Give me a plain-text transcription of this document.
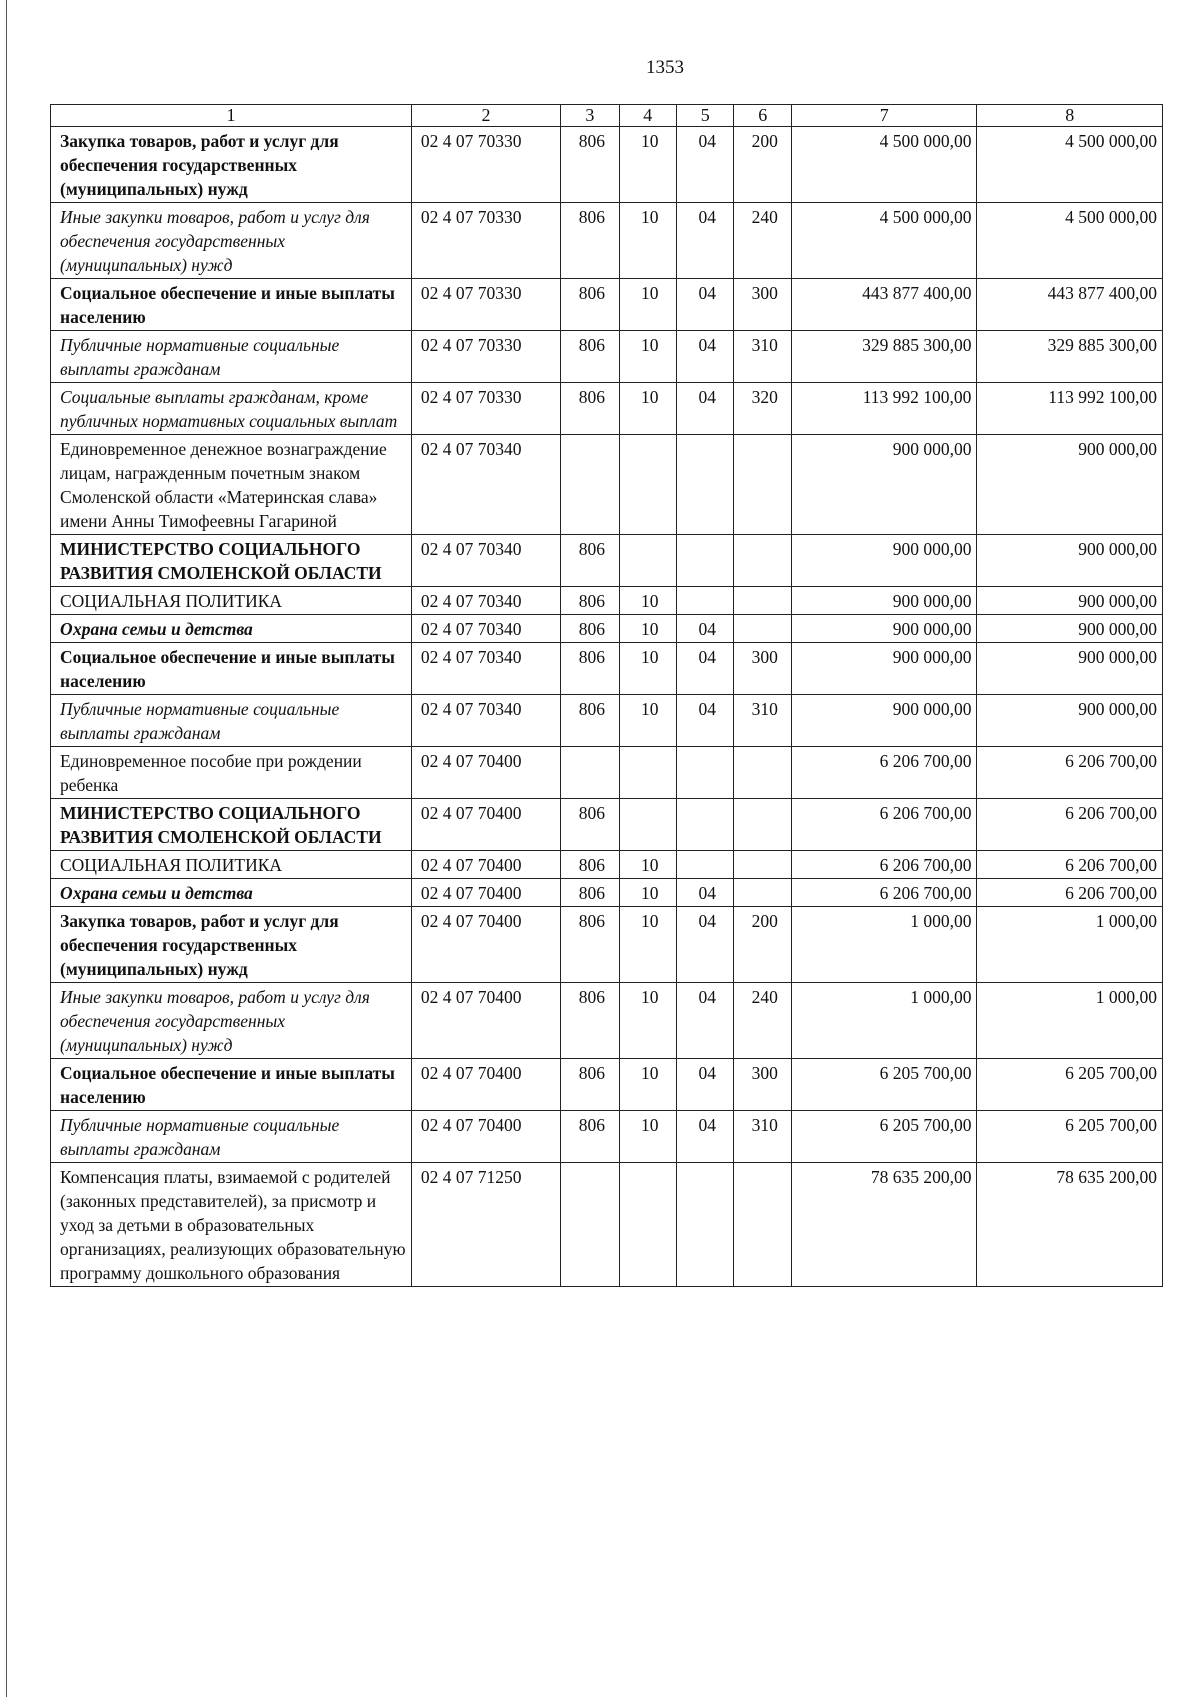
1353
1	2	3	4	5	6	7	8
Закупка товаров, работ и услуг для обеспечения государственных (муниципальных) нужд	02 4 07 70330	806	10	04	200	4 500 000,00	4 500 000,00
Иные закупки товаров, работ и услуг для обеспечения государственных (муниципальных) нужд	02 4 07 70330	806	10	04	240	4 500 000,00	4 500 000,00
Социальное обеспечение и иные выплаты населению	02 4 07 70330	806	10	04	300	443 877 400,00	443 877 400,00
Публичные нормативные социальные выплаты гражданам	02 4 07 70330	806	10	04	310	329 885 300,00	329 885 300,00
Социальные выплаты гражданам, кроме публичных нормативных социальных выплат	02 4 07 70330	806	10	04	320	113 992 100,00	113 992 100,00
Единовременное денежное вознаграждение лицам, награжденным почетным знаком Смоленской области «Материнская слава» имени Анны Тимофеевны Гагариной	02 4 07 70340					900 000,00	900 000,00
МИНИСТЕРСТВО СОЦИАЛЬНОГО РАЗВИТИЯ СМОЛЕНСКОЙ ОБЛАСТИ	02 4 07 70340	806				900 000,00	900 000,00
СОЦИАЛЬНАЯ ПОЛИТИКА	02 4 07 70340	806	10			900 000,00	900 000,00
Охрана семьи и детства	02 4 07 70340	806	10	04		900 000,00	900 000,00
Социальное обеспечение и иные выплаты населению	02 4 07 70340	806	10	04	300	900 000,00	900 000,00
Публичные нормативные социальные выплаты гражданам	02 4 07 70340	806	10	04	310	900 000,00	900 000,00
Единовременное пособие при рождении ребенка	02 4 07 70400					6 206 700,00	6 206 700,00
МИНИСТЕРСТВО СОЦИАЛЬНОГО РАЗВИТИЯ СМОЛЕНСКОЙ ОБЛАСТИ	02 4 07 70400	806				6 206 700,00	6 206 700,00
СОЦИАЛЬНАЯ ПОЛИТИКА	02 4 07 70400	806	10			6 206 700,00	6 206 700,00
Охрана семьи и детства	02 4 07 70400	806	10	04		6 206 700,00	6 206 700,00
Закупка товаров, работ и услуг для обеспечения государственных (муниципальных) нужд	02 4 07 70400	806	10	04	200	1 000,00	1 000,00
Иные закупки товаров, работ и услуг для обеспечения государственных (муниципальных) нужд	02 4 07 70400	806	10	04	240	1 000,00	1 000,00
Социальное обеспечение и иные выплаты населению	02 4 07 70400	806	10	04	300	6 205 700,00	6 205 700,00
Публичные нормативные социальные выплаты гражданам	02 4 07 70400	806	10	04	310	6 205 700,00	6 205 700,00
Компенсация платы, взимаемой с родителей (законных представителей), за присмотр и уход за детьми в образовательных организациях, реализующих образовательную программу дошкольного образования	02 4 07 71250					78 635 200,00	78 635 200,00
